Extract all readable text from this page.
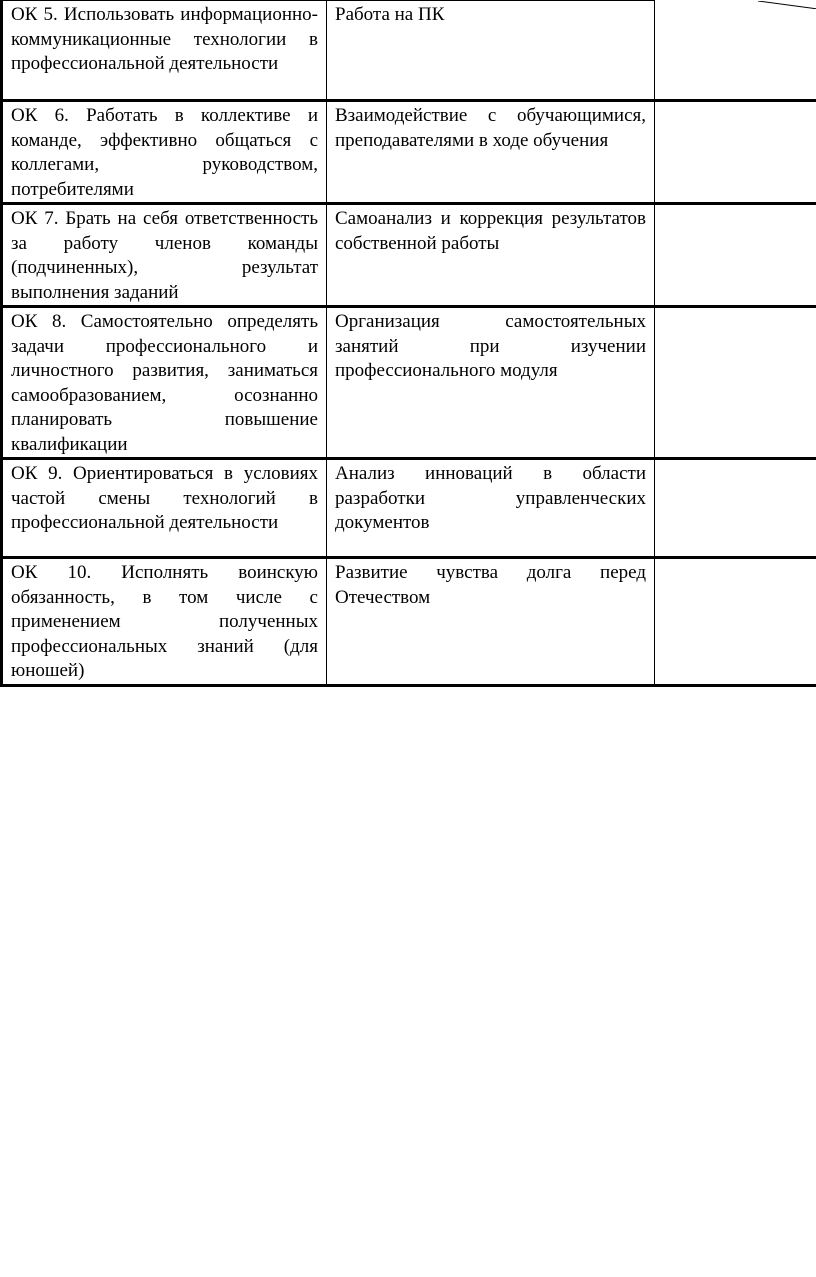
ОК 5. Использовать информационно-коммуникационные технологии в профессиональной деятельности	Работа на ПК	

ОК 6. Работать в коллективе и команде, эффективно общаться с коллегами, руководством, потребителями	Взаимодействие с обучающимися, преподавателями в ходе обучения	
ОК 7. Брать на себя ответственность за работу членов команды (подчиненных), результат выполнения заданий	Самоанализ и коррекция результатов собственной работы	
ОК 8. Самостоятельно определять задачи профессионального и личностного развития, заниматься самообразованием, осознанно планировать повышение квалификации	Организация самостоятельных занятий при изучении профессионального модуля	
ОК 9. Ориентироваться в условиях частой смены технологий в профессиональной деятельности	Анализ инноваций в области разработки управленческих документов	
ОК 10. Исполнять воинскую обязанность, в том числе с применением полученных профессиональных знаний (для юношей)	Развитие чувства долга перед Отечеством	
